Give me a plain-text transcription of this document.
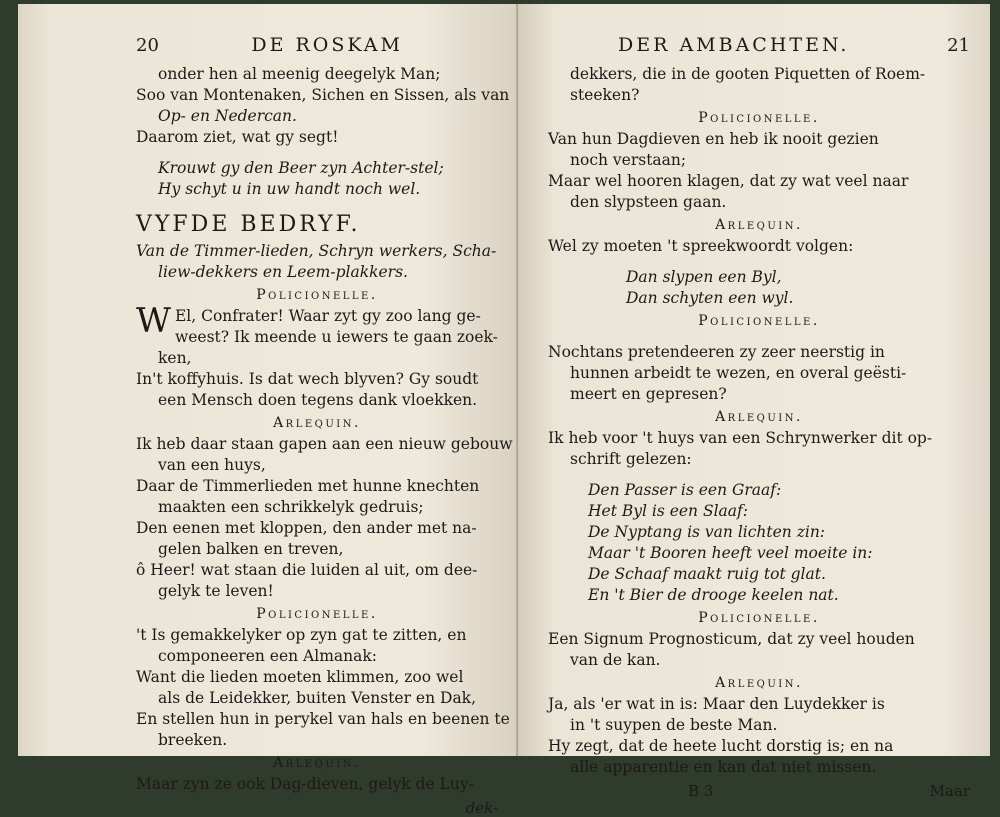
20	DE ROSKAM
onder hen al meenig deegelyk Man;
Soo van Montenaken, Sichen en Sissen, als van
Op- en Nedercan.
Daarom ziet, wat gy segt!
Krouwt gy den Beer zyn Achter-stel;
Hy schyt u in uw handt noch wel.
VYFDE BEDRYF.
Van de Timmer-lieden, Schryn werkers, Scha-
liew-dekkers en Leem-plakkers.
Policionelle.
W El, Confrater! Waar zyt gy zoo lang ge-
weest? Ik meende u iewers te gaan zoek-
ken,
In't koffyhuis. Is dat wech blyven? Gy soudt
een Mensch doen tegens dank vloekken.
Arlequin.
Ik heb daar staan gapen aan een nieuw gebouw
van een huys,
Daar de Timmerlieden met hunne knechten
maakten een schrikkelyk gedruis;
Den eenen met kloppen, den ander met na-
gelen balken en treven,
ô Heer! wat staan die luiden al uit, om dee-
gelyk te leven!
Policionelle.
't Is gemakkelyker op zyn gat te zitten, en
componeeren een Almanak:
Want die lieden moeten klimmen, zoo wel
als de Leidekker, buiten Venster en Dak,
En stellen hun in perykel van hals en beenen te
breeken.
Arlequin.
Maar zyn ze ook Dag-dieven, gelyk de Luy-
dek-
DER AMBACHTEN.	21
dekkers, die in de gooten Piquetten of Roem-
steeken?
Policionelle.
Van hun Dagdieven en heb ik nooit gezien
noch verstaan;
Maar wel hooren klagen, dat zy wat veel naar
den slypsteen gaan.
Arlequin.
Wel zy moeten 't spreekwoordt volgen:
Dan slypen een Byl,
Dan schyten een wyl.
Policionelle.
Nochtans pretendeeren zy zeer neerstig in
hunnen arbeidt te wezen, en overal geësti-
meert en gepresen?
Arlequin.
Ik heb voor 't huys van een Schrynwerker dit op-
schrift gelezen:
Den Passer is een Graaf:
Het Byl is een Slaaf:
De Nyptang is van lichten zin:
Maar 't Booren heeft veel moeite in:
De Schaaf maakt ruig tot glat.
En 't Bier de drooge keelen nat.
Policionelle.
Een Signum Prognosticum, dat zy veel houden
van de kan.
Arlequin.
Ja, als 'er wat in is: Maar den Luydekker is
in 't suypen de beste Man.
Hy zegt, dat de heete lucht dorstig is; en na
alle apparentie en kan dat niet missen.
B 3	Maar
